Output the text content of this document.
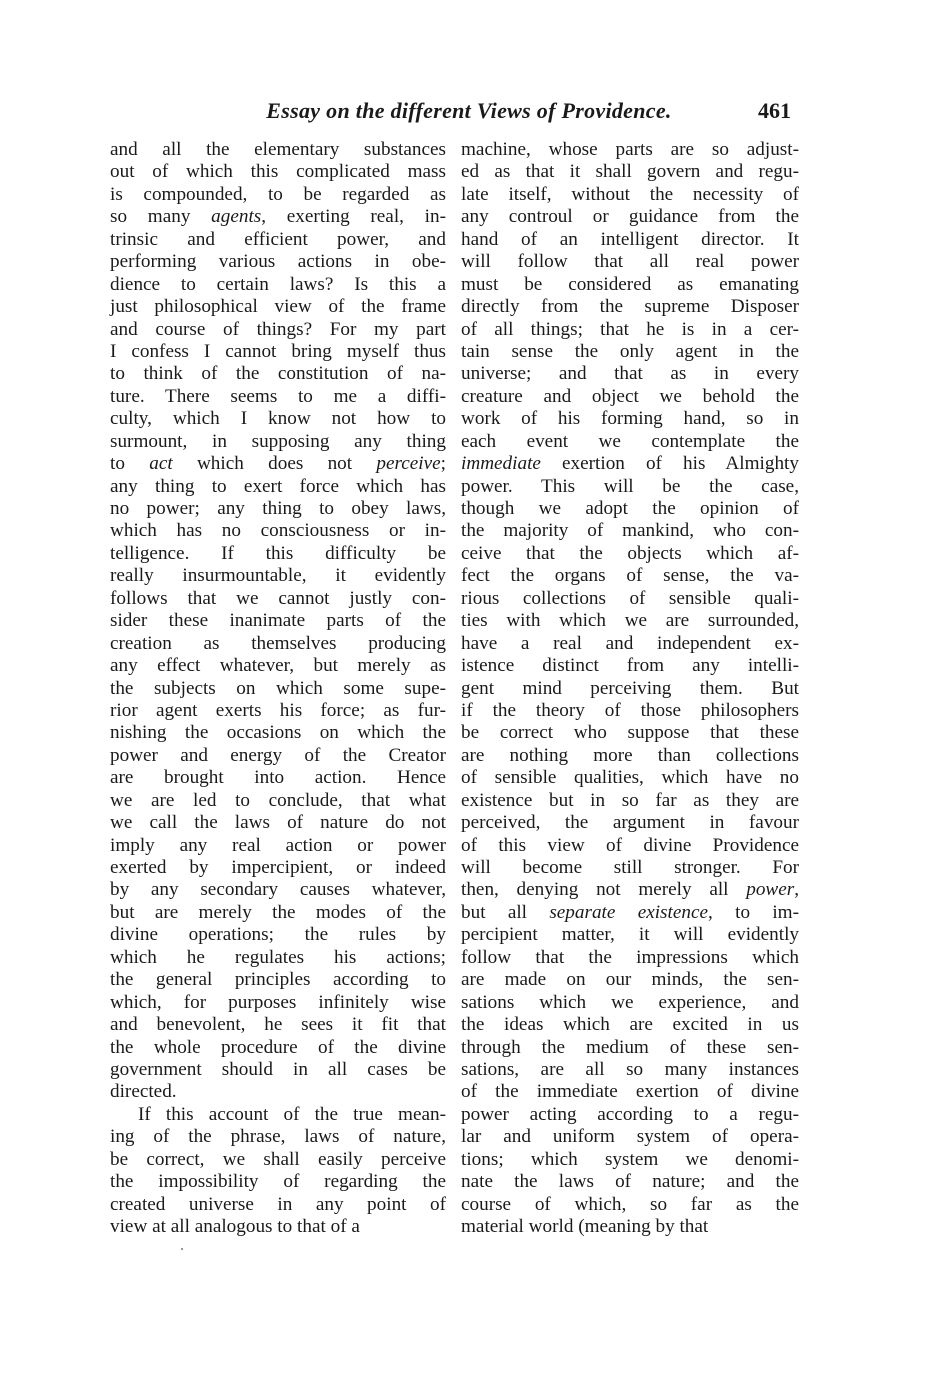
Essay on the different Views of Providence.	461
and all the elementary substances
out of which this complicated mass
is compounded, to be regarded as
so many agents, exerting real, in-
trinsic and efficient power, and
performing various actions in obe-
dience to certain laws? Is this a
just philosophical view of the frame
and course of things? For my part
I confess I cannot bring myself thus
to think of the constitution of na-
ture. There seems to me a diffi-
culty, which I know not how to
surmount, in supposing any thing
to act which does not perceive;
any thing to exert force which has
no power; any thing to obey laws,
which has no consciousness or in-
telligence. If this difficulty be
really insurmountable, it evidently
follows that we cannot justly con-
sider these inanimate parts of the
creation as themselves producing
any effect whatever, but merely as
the subjects on which some supe-
rior agent exerts his force; as fur-
nishing the occasions on which the
power and energy of the Creator
are brought into action. Hence
we are led to conclude, that what
we call the laws of nature do not
imply any real action or power
exerted by impercipient, or indeed
by any secondary causes whatever,
but are merely the modes of the
divine operations; the rules by
which he regulates his actions;
the general principles according to
which, for purposes infinitely wise
and benevolent, he sees it fit that
the whole procedure of the divine
government should in all cases be
directed.
If this account of the true mean-
ing of the phrase, laws of nature,
be correct, we shall easily perceive
the impossibility of regarding the
created universe in any point of
view at all analogous to that of a
machine, whose parts are so adjust-
ed as that it shall govern and regu-
late itself, without the necessity of
any controul or guidance from the
hand of an intelligent director. It
will follow that all real power
must be considered as emanating
directly from the supreme Disposer
of all things; that he is in a cer-
tain sense the only agent in the
universe; and that as in every
creature and object we behold the
work of his forming hand, so in
each event we contemplate the
immediate exertion of his Almighty
power. This will be the case,
though we adopt the opinion of
the majority of mankind, who con-
ceive that the objects which af-
fect the organs of sense, the va-
rious collections of sensible quali-
ties with which we are surrounded,
have a real and independent ex-
istence distinct from any intelli-
gent mind perceiving them. But
if the theory of those philosophers
be correct who suppose that these
are nothing more than collections
of sensible qualities, which have no
existence but in so far as they are
perceived, the argument in favour
of this view of divine Providence
will become still stronger. For
then, denying not merely all power,
but all separate existence, to im-
percipient matter, it will evidently
follow that the impressions which
are made on our minds, the sen-
sations which we experience, and
the ideas which are excited in us
through the medium of these sen-
sations, are all so many instances
of the immediate exertion of divine
power acting according to a regu-
lar and uniform system of opera-
tions; which system we denomi-
nate the laws of nature; and the
course of which, so far as the
material world (meaning by that
